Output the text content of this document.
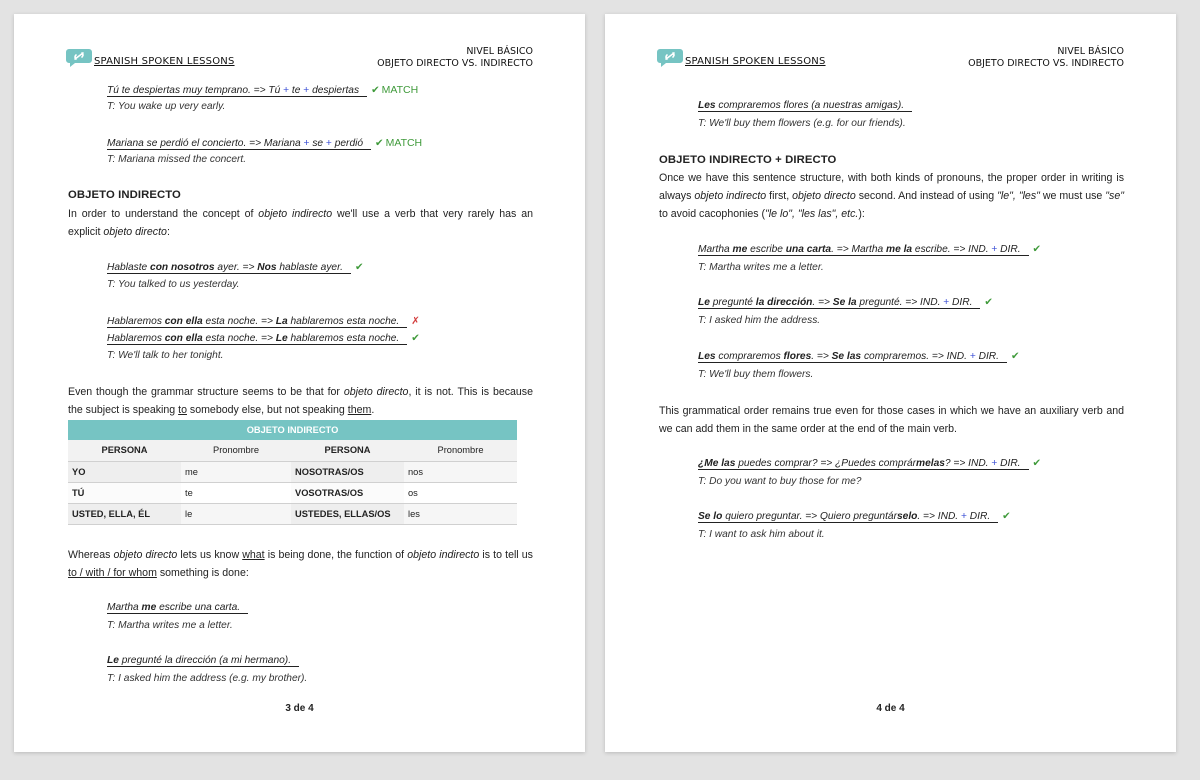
SPANISH SPOKEN LESSONS
NIVEL BÁSICO
OBJETO DIRECTO VS. INDIRECTO
Tú te despiertas muy temprano. => Tú + te + despiertas ✔ MATCH
T: You wake up very early.
Mariana se perdió el concierto. => Mariana + se + perdió ✔ MATCH
T: Mariana missed the concert.
OBJETO INDIRECTO
In order to understand the concept of objeto indirecto we'll use a verb that very rarely has an explicit objeto directo:
Hablaste con nosotros ayer. => Nos hablaste ayer. ✔
T: You talked to us yesterday.
Hablaremos con ella esta noche. => La hablaremos esta noche. ✗
Hablaremos con ella esta noche. => Le hablaremos esta noche. ✔
T: We'll talk to her tonight.
Even though the grammar structure seems to be that for objeto directo, it is not. This is because the subject is speaking to somebody else, but not speaking them.
OBJETO INDIRECTO			
PERSONA	Pronombre	PERSONA	Pronombre
YO	me	NOSOTRAS/OS	nos
TÚ	te	VOSOTRAS/OS	os
USTED, ELLA, ÉL	le	USTEDES, ELLAS/OS	les
Whereas objeto directo lets us know what is being done, the function of objeto indirecto is to tell us to / with / for whom something is done:
Martha me escribe una carta.
T: Martha writes me a letter.
Le pregunté la dirección (a mi hermano).
T: I asked him the address (e.g. my brother).
3 de 4
SPANISH SPOKEN LESSONS
NIVEL BÁSICO
OBJETO DIRECTO VS. INDIRECTO
Les compraremos flores (a nuestras amigas).
T: We'll buy them flowers (e.g. for our friends).
OBJETO INDIRECTO + DIRECTO
Once we have this sentence structure, with both kinds of pronouns, the proper order in writing is always objeto indirecto first, objeto directo second. And instead of using "le", "les" we must use "se" to avoid cacophonies ("le lo", "les las", etc.):
Martha me escribe una carta. => Martha me la escribe. => IND. + DIR. ✔
T: Martha writes me a letter.
Le pregunté la dirección. => Se la pregunté. => IND. + DIR. ✔
T: I asked him the address.
Les compraremos flores. => Se las compraremos. => IND. + DIR. ✔
T: We'll buy them flowers.
This grammatical order remains true even for those cases in which we have an auxiliary verb and we can add them in the same order at the end of the main verb.
¿Me las puedes comprar? => ¿Puedes comprármelas? => IND. + DIR. ✔
T: Do you want to buy those for me?
Se lo quiero preguntar. => Quiero preguntárselo. => IND. + DIR. ✔
T: I want to ask him about it.
4 de 4
